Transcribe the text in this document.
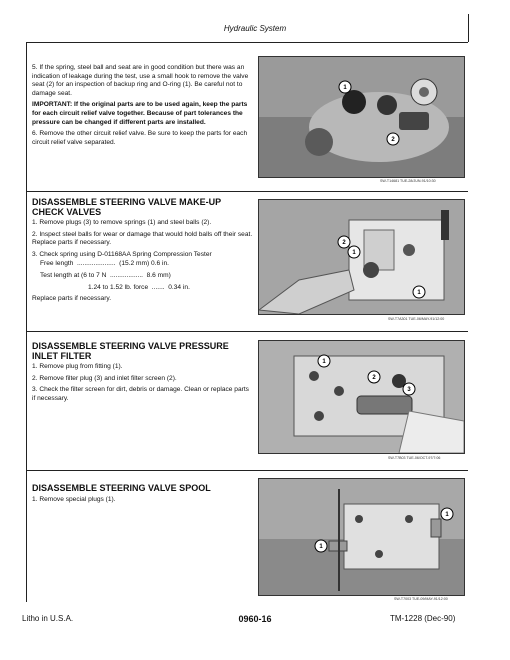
Hydraulic System

5. If the spring, steel ball and seat are in good condition but there was an indication of leakage during the test, use a small hook to remove the valve seat (2) for an inspection of backup ring and O-ring (1). Be careful not to damage seat.

IMPORTANT: If the original parts are to be used again, keep the parts for each circuit relief valve together. Because of part tolerances the pressure can be changed if different parts are installed.

6. Remove the other circuit relief valve. Be sure to keep the parts for each circuit relief valve separated.

1
2
SW-T14681 TUE-28/JUN-91/10:30
DISASSEMBLE STEERING VALVE MAKE-UP CHECK VALVES

1. Remove plugs (3) to remove springs (1) and steel balls (2).

2. Inspect steel balls for wear or damage that would hold balls off their seat. Replace parts if necessary.

3. Check spring using D-01168AA Spring Compression Tester

Free length  .....................  (15.2 mm) 0.6 in.

Test length at (6 to 7 N  ..................  8.6 mm)

1.24 to 1.52 lb. force  .......  0.34 in.

Replace parts if necessary.

2
1
1
SW-T7A301 TUE-06/MAY-91/12:00
DISASSEMBLE STEERING VALVE PRESSURE INLET FILTER

1. Remove plug from fitting (1).

2. Remove filter plug (3) and inlet filter screen (2).

3. Check the filter screen for dirt, debris or damage. Clean or replace parts if necessary.

1
2
3
SW-T7B03 TUE-06/OCT-97/7:06
DISASSEMBLE STEERING VALVE SPOOL

1. Remove special plugs (1).

1
1
SW-T7003 TUE-09/MAY-91/12:00
Litho in U.S.A.	0960-16	TM-1228 (Dec-90)
